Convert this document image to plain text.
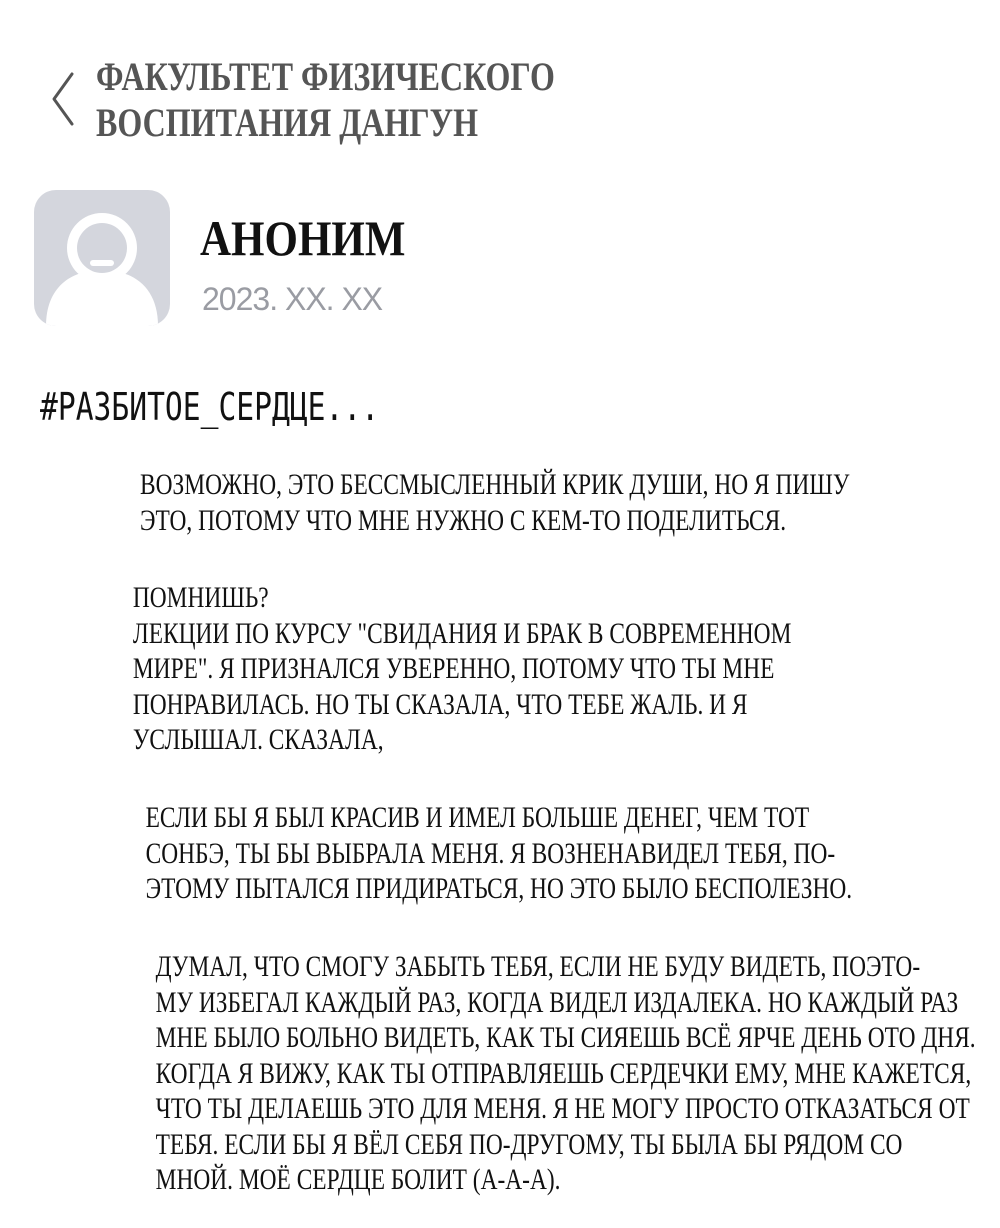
ФАКУЛЬТЕТ ФИЗИЧЕСКОГО
ВОСПИТАНИЯ ДАНГУН
АНОНИМ
2023. XX. XX
#РАЗБИТОЕ_СЕРДЦЕ...
ВОЗМОЖНО, ЭТО БЕССМЫСЛЕННЫЙ КРИК ДУШИ, НО Я ПИШУ
ЭТО, ПОТОМУ ЧТО МНЕ НУЖНО С КЕМ-ТО ПОДЕЛИТЬСЯ.
ПОМНИШЬ?
ЛЕКЦИИ ПО КУРСУ "СВИДАНИЯ И БРАК В СОВРЕМЕННОМ
МИРЕ". Я ПРИЗНАЛСЯ УВЕРЕННО, ПОТОМУ ЧТО ТЫ МНЕ
ПОНРАВИЛАСЬ. НО ТЫ СКАЗАЛА, ЧТО ТЕБЕ ЖАЛЬ. И Я
УСЛЫШАЛ. СКАЗАЛА,
ЕСЛИ БЫ Я БЫЛ КРАСИВ И ИМЕЛ БОЛЬШЕ ДЕНЕГ, ЧЕМ ТОТ
СОНБЭ, ТЫ БЫ ВЫБРАЛА МЕНЯ. Я ВОЗНЕНАВИДЕЛ ТЕБЯ, ПО-
ЭТОМУ ПЫТАЛСЯ ПРИДИРАТЬСЯ, НО ЭТО БЫЛО БЕСПОЛЕЗНО.
ДУМАЛ, ЧТО СМОГУ ЗАБЫТЬ ТЕБЯ, ЕСЛИ НЕ БУДУ ВИДЕТЬ, ПОЭТО-
МУ ИЗБЕГАЛ КАЖДЫЙ РАЗ, КОГДА ВИДЕЛ ИЗДАЛЕКА. НО КАЖДЫЙ РАЗ
МНЕ БЫЛО БОЛЬНО ВИДЕТЬ, КАК ТЫ СИЯЕШЬ ВСЁ ЯРЧЕ ДЕНЬ ОТО ДНЯ.
КОГДА Я ВИЖУ, КАК ТЫ ОТПРАВЛЯЕШЬ СЕРДЕЧКИ ЕМУ, МНЕ КАЖЕТСЯ,
ЧТО ТЫ ДЕЛАЕШЬ ЭТО ДЛЯ МЕНЯ. Я НЕ МОГУ ПРОСТО ОТКАЗАТЬСЯ ОТ
ТЕБЯ. ЕСЛИ БЫ Я ВЁЛ СЕБЯ ПО-ДРУГОМУ, ТЫ БЫЛА БЫ РЯДОМ СО
МНОЙ. МОЁ СЕРДЦЕ БОЛИТ (А-А-А).
